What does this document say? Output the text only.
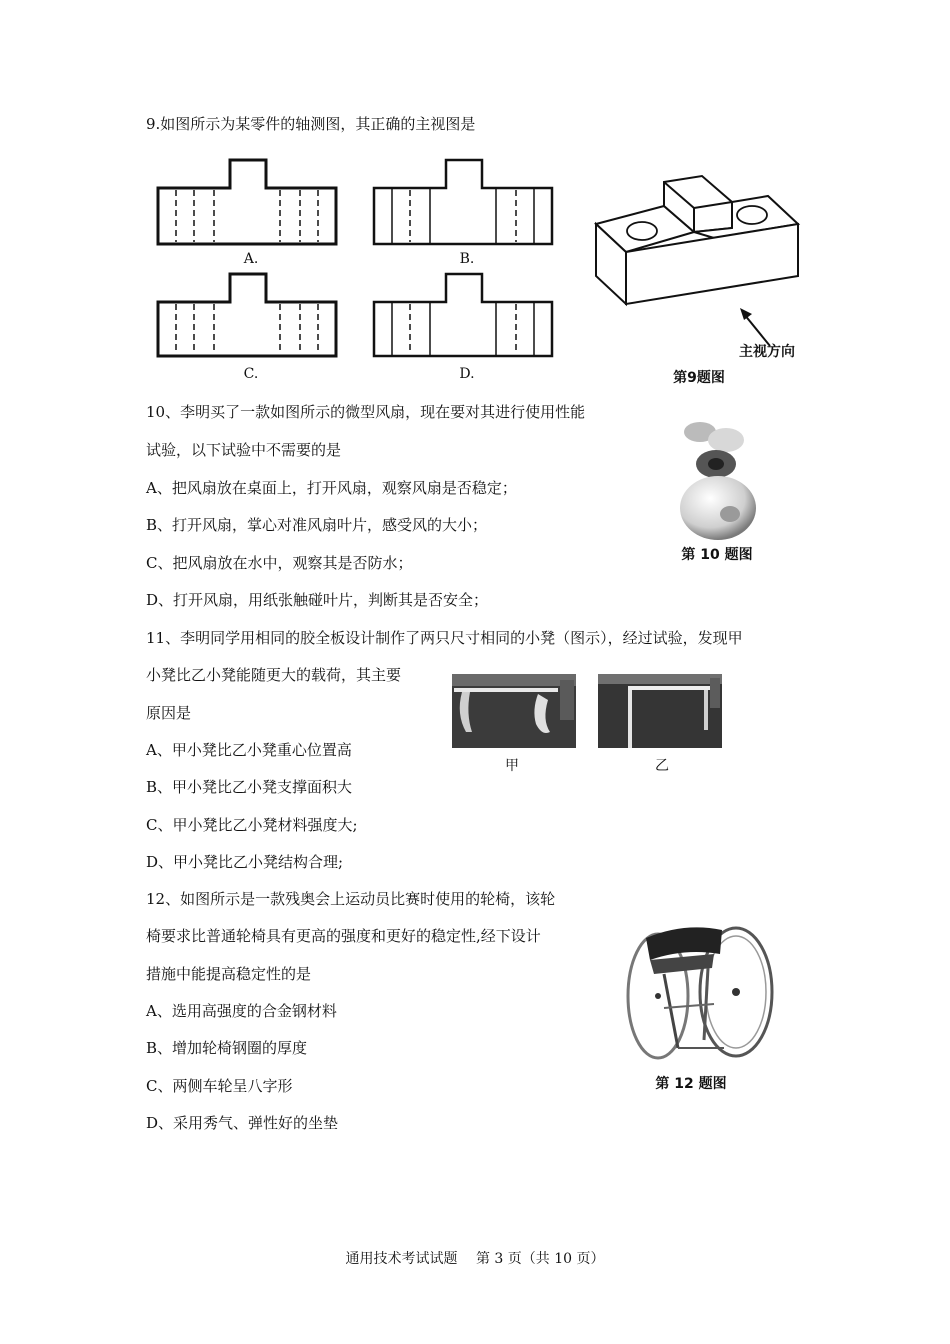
9.如图所示为某零件的轴测图，其正确的主视图是
A.	B.
C.	D.
主视方向
第9题图
10、李明买了一款如图所示的微型风扇，现在要对其进行使用性能
试验，以下试验中不需要的是
A、把风扇放在桌面上，打开风扇，观察风扇是否稳定；
B、打开风扇，掌心对准风扇叶片，感受风的大小；
C、把风扇放在水中，观察其是否防水；
D、打开风扇，用纸张触碰叶片，判断其是否安全；
第 10 题图
11、李明同学用相同的胶全板设计制作了两只尺寸相同的小凳（图示），经过试验，发现甲
小凳比乙小凳能随更大的载荷，其主要
原因是
A、甲小凳比乙小凳重心位置高
B、甲小凳比乙小凳支撑面积大
C、甲小凳比乙小凳材料强度大;
D、甲小凳比乙小凳结构合理;
甲	乙
12、如图所示是一款残奥会上运动员比赛时使用的轮椅，该轮
椅要求比普通轮椅具有更高的强度和更好的稳定性,经下设计
措施中能提高稳定性的是
A、选用高强度的合金钢材料
B、增加轮椅钢圈的厚度
C、两侧车轮呈八字形
D、采用秀气、弹性好的坐垫
第 12 题图
通用技术考试试题　 第 3 页（共 10 页）
